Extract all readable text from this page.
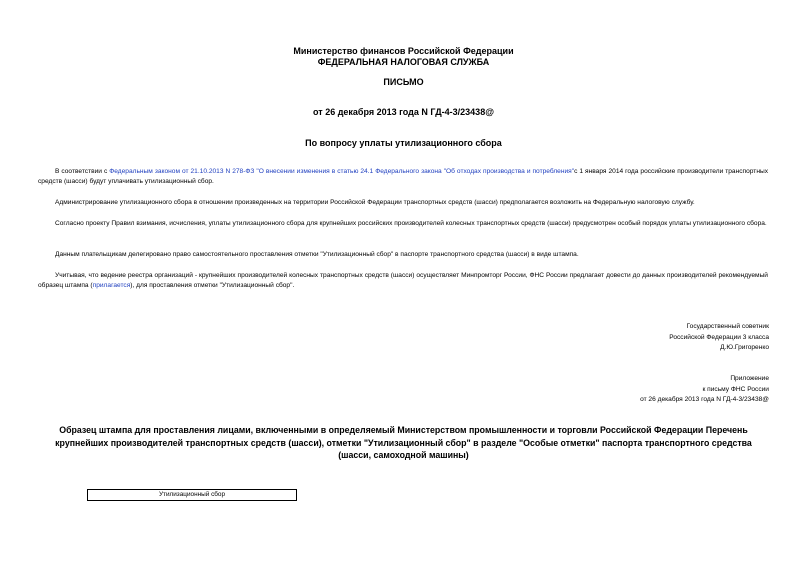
Министерство финансов Российской Федерации
ФЕДЕРАЛЬНАЯ НАЛОГОВАЯ СЛУЖБА
ПИСЬМО
от 26 декабря 2013 года N ГД-4-3/23438@
По вопросу уплаты утилизационного сбора
В соответствии с Федеральным законом от 21.10.2013 N 278-ФЗ "О внесении изменения в статью 24.1 Федерального закона "Об отходах производства и потребления"с 1 января 2014 года российские производители транспортных средств (шасси) будут уплачивать утилизационный сбор.
Администрирование утилизационного сбора в отношении произведенных на территории Российской Федерации транспортных средств (шасси) предполагается возложить на Федеральную налоговую службу.
Согласно проекту Правил взимания, исчисления, уплаты утилизационного сбора для крупнейших российских производителей колесных транспортных средств (шасси) предусмотрен особый порядок уплаты утилизационного сбора.
Данным плательщикам делегировано право самостоятельного проставления отметки "Утилизационный сбор" в паспорте транспортного средства (шасси) в виде штампа.
Учитывая, что ведение реестра организаций - крупнейших производителей колесных транспортных средств (шасси) осуществляет Минпромторг России, ФНС России предлагает довести до данных производителей рекомендуемый образец штампа (прилагается), для проставления отметки "Утилизационный сбор".
Государственный советник
Российской Федерации 3 класса
Д.Ю.Григоренко
Приложение
к письму ФНС России
от 26 декабря 2013 года N ГД-4-3/23438@
Образец штампа для проставления лицами, включенными в определяемый Министерством промышленности и торговли Российской Федерации Перечень крупнейших производителей транспортных средств (шасси), отметки "Утилизационный сбор" в разделе "Особые отметки" паспорта транспортного средства (шасси, самоходной машины)
Утилизационный сбор
